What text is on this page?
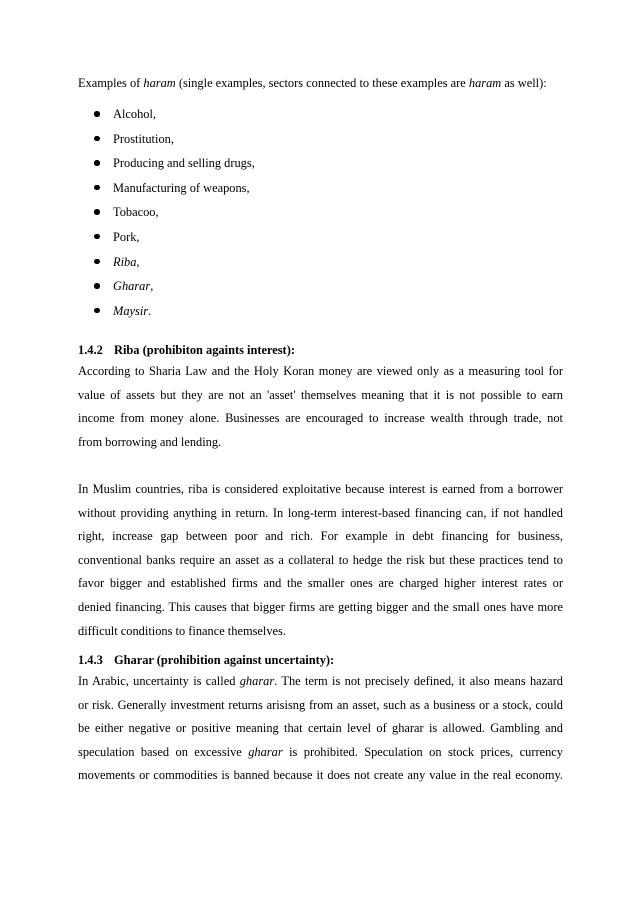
Examples of haram (single examples, sectors connected to these examples are haram as well):
Alcohol,
Prostitution,
Producing and selling drugs,
Manufacturing of weapons,
Tobacoo,
Pork,
Riba,
Gharar,
Maysir.
1.4.2 Riba (prohibiton againts interest):
According to Sharia Law and the Holy Koran money are viewed only as a measuring tool for
value of assets but they are not an 'asset' themselves meaning that it is not possible to earn
income from money alone. Businesses are encouraged to increase wealth through trade, not
from borrowing and lending.
In Muslim countries, riba is considered exploitative because interest is earned from a borrower
without providing anything in return. In long-term interest-based financing can, if not handled
right, increase gap between poor and rich. For example in debt financing for business,
conventional banks require an asset as a collateral to hedge the risk but these practices tend to
favor bigger and established firms and the smaller ones are charged higher interest rates or
denied financing. This causes that bigger firms are getting bigger and the small ones have more
difficult conditions to finance themselves.
1.4.3 Gharar (prohibition against uncertainty):
In Arabic, uncertainty is called gharar. The term is not precisely defined, it also means hazard
or risk. Generally investment returns arisisng from an asset, such as a business or a stock, could
be either negative or positive meaning that certain level of gharar is allowed. Gambling and
speculation based on excessive gharar is prohibited. Speculation on stock prices, currency
movements or commodities is banned because it does not create any value in the real economy.
